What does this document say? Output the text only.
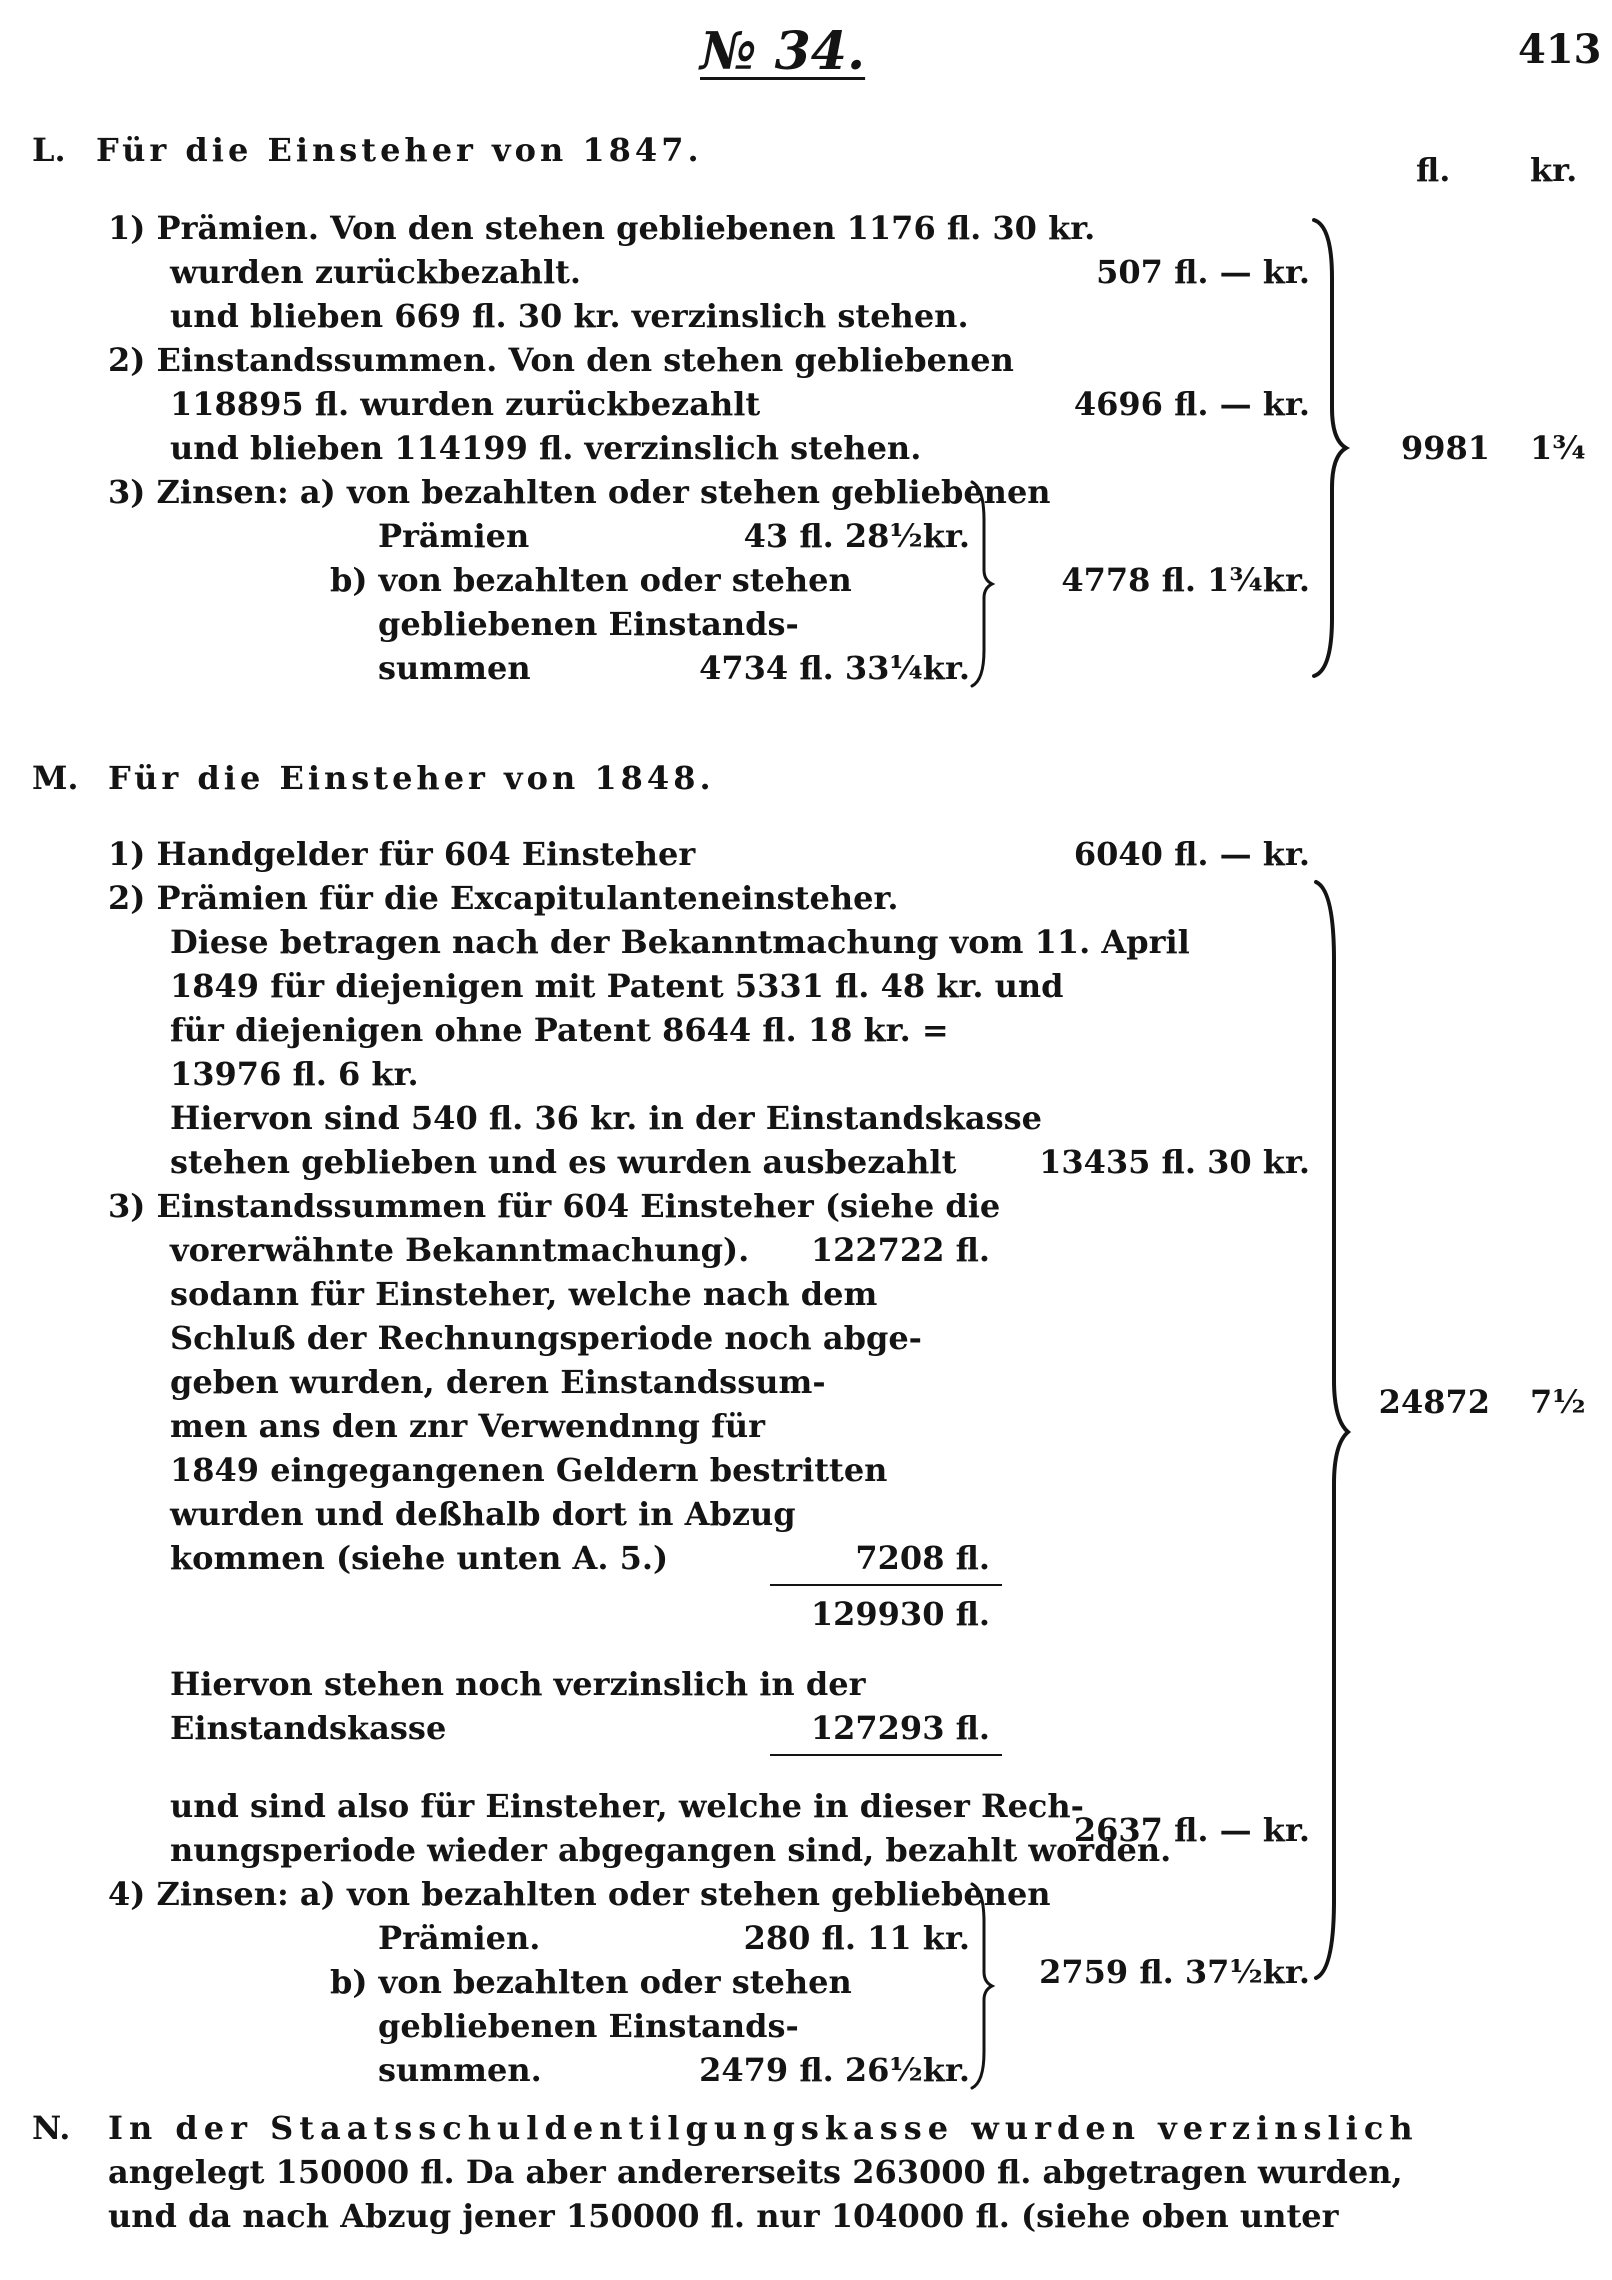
№ 34.	413
fl. kr.
L. Für die Einsteher von 1847.
1) Prämien. Von den stehen gebliebenen 1176 fl. 30 kr.
wurden zurückbezahlt.
und blieben 669 fl. 30 kr. verzinslich stehen.
2) Einstandssummen. Von den stehen gebliebenen
118895 fl. wurden zurückbezahlt
und blieben 114199 fl. verzinslich stehen.
3) Zinsen: a) von bezahlten oder stehen gebliebenen
Prämien
b) von bezahlten oder stehen
gebliebenen Einstands-
summen
43 fl. 28½kr.
4734 fl. 33¼kr.
507 fl. — kr.
4696 fl. — kr.
4778 fl. 1¾kr.
9981 1¾
M. Für die Einsteher von 1848.
1) Handgelder für 604 Einsteher
2) Prämien für die Excapitulanteneinsteher.
Diese betragen nach der Bekanntmachung vom 11. April
1849 für diejenigen mit Patent 5331 fl. 48 kr. und
für diejenigen ohne Patent 8644 fl. 18 kr. =
13976 fl. 6 kr.
Hiervon sind 540 fl. 36 kr. in der Einstandskasse
stehen geblieben und es wurden ausbezahlt
3) Einstandssummen für 604 Einsteher (siehe die
vorerwähnte Bekanntmachung).
sodann für Einsteher, welche nach dem
Schluß der Rechnungsperiode noch abge-
geben wurden, deren Einstandssum-
men ans den znr Verwendnng für
1849 eingegangenen Geldern bestritten
wurden und deßhalb dort in Abzug
kommen (siehe unten A. 5.)
Hiervon stehen noch verzinslich in der
Einstandskasse
und sind also für Einsteher, welche in dieser Rech-
nungsperiode wieder abgegangen sind, bezahlt worden.
4) Zinsen: a) von bezahlten oder stehen gebliebenen
Prämien.
b) von bezahlten oder stehen
gebliebenen Einstands-
summen.
122722 fl.
7208 fl.
129930 fl.
127293 fl.
280 fl. 11 kr.
2479 fl. 26½kr.
6040 fl. — kr.
13435 fl. 30 kr.
2637 fl. — kr.
2759 fl. 37½kr.
24872 7½
N. In der Staatsschuldentilgungskasse wurden verzinslich
angelegt 150000 fl. Da aber andererseits 263000 fl. abgetragen wurden,
und da nach Abzug jener 150000 fl. nur 104000 fl. (siehe oben unter
